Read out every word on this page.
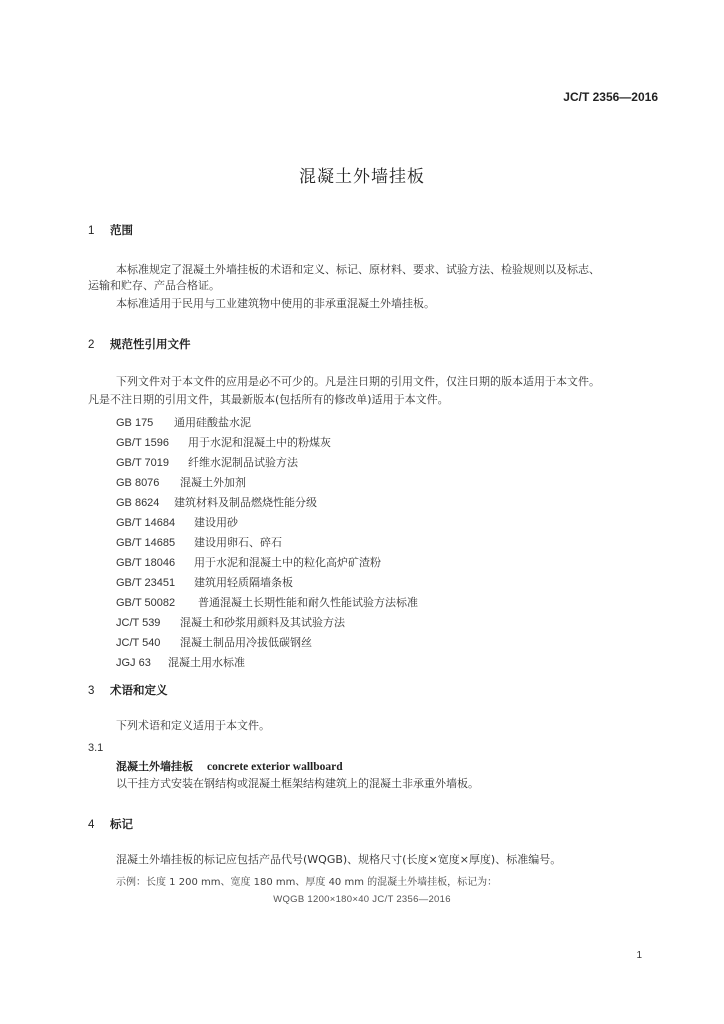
JC/T 2356—2016
混凝土外墙挂板
1 范围
本标准规定了混凝土外墙挂板的术语和定义、标记、原材料、要求、试验方法、检验规则以及标志、
运输和贮存、产品合格证。
本标准适用于民用与工业建筑物中使用的非承重混凝土外墙挂板。
2 规范性引用文件
下列文件对于本文件的应用是必不可少的。凡是注日期的引用文件，仅注日期的版本适用于本文件。
凡是不注日期的引用文件，其最新版本(包括所有的修改单)适用于本文件。
GB 175 通用硅酸盐水泥
GB/T 1596 用于水泥和混凝土中的粉煤灰
GB/T 7019 纤维水泥制品试验方法
GB 8076 混凝土外加剂
GB 8624 建筑材料及制品燃烧性能分级
GB/T 14684 建设用砂
GB/T 14685 建设用卵石、碎石
GB/T 18046 用于水泥和混凝土中的粒化高炉矿渣粉
GB/T 23451 建筑用轻质隔墙条板
GB/T 50082 普通混凝土长期性能和耐久性能试验方法标准
JC/T 539 混凝土和砂浆用颜料及其试验方法
JC/T 540 混凝土制品用冷拔低碳钢丝
JGJ 63 混凝土用水标准
3 术语和定义
下列术语和定义适用于本文件。
3.1
混凝土外墙挂板 concrete exterior wallboard
以干挂方式安装在钢结构或混凝土框架结构建筑上的混凝土非承重外墙板。
4 标记
混凝土外墙挂板的标记应包括产品代号(WQGB)、规格尺寸(长度×宽度×厚度)、标准编号。
示例：长度 1 200 mm、宽度 180 mm、厚度 40 mm 的混凝土外墙挂板，标记为：
WQGB 1200×180×40 JC/T 2356—2016
1
